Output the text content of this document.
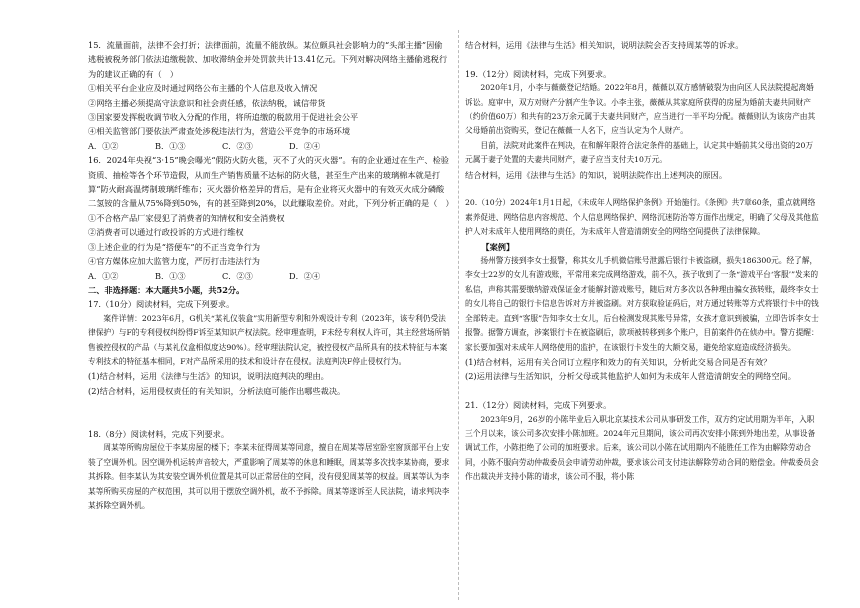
15．流量面前，法律不会打折；法律面前，流量不能放纵。某位颇具社会影响力的“头部主播”因偷逃税被税务部门依法追缴税款、加收滞纳金并处罚款共计13.41亿元。下列对解决网络主播偷逃税行为的建议正确的有（　）

①相关平台企业应及时通过网络公布主播的个人信息及收入情况

②网络主播必须提高守法意识和社会责任感，依法纳税，诚信带货

③国家要发挥税收调节收入分配的作用，将所追缴的税款用于促进社会公平

④相关监管部门要依法严肃查处涉税违法行为，营造公平竞争的市场环境

A．①②	B．①③	C．②③	D．②④

16．2024年央视“3·15”晚会曝光“假防火防火毯，灭不了火的灭火器”。有的企业通过在生产、检验资质、抽检等各个环节造假，从而生产销售质量不达标的防火毯，甚至生产出来的玻璃棉本就是打算“防火耐高温烤制玻璃纤维布；灭火器价格差异的背后，是有企业将灭火器中的有效灭火成分磷酸二氢铵的含量从75%降到50%，有的甚至降到20%，以此赚取差价。对此，下列分析正确的是（　）

①不合格产品厂家侵犯了消费者的知情权和安全消费权

②消费者可以通过行政投诉的方式进行维权

③上述企业的行为是“搭便车”的不正当竞争行为

④官方媒体应加大监管力度，严厉打击违法行为

A．①②	B．①③	C．②③	D．②④

二、非选择题：本大题共5小题，共52分。

17.（10分）阅读材料，完成下列要求。

案件详情：2023年6月，G机关“某礼仪装盒”实用新型专利和外观设计专利（2023年，该专利仍受法律保护）与F的专利侵权纠纷得F诉至某知识产权法院。经审理查明，F未经专利权人许可，其主经营场所销售被控侵权的产品（与某礼仪盒相似度达90%）。经审理法院认定，被控侵权产品所具有的技术特征与本案专利技术的特征基本相同，F对产品所采用的技术和设计存在侵权。法庭判决F停止侵权行为。

(1)结合材料，运用《法律与生活》的知识，说明法庭判决的理由。

(2)结合材料，运用侵权责任的有关知识，分析法庭可能作出哪些裁决。

18.（8分）阅读材料，完成下列要求。

周某等所购房屋位于李某房屋的楼下；李某未征得周某等同意，擅自在周某等居室卧室窗顶部平台上安装了空调外机。因空调外机运转声音较大，严重影响了周某等的休息和睡眠，周某等多次找李某协商，要求其拆除。但李某认为其安装空调外机位置是其可以正常居住的空间，没有侵犯周某等的权益。周某等认为李某等所购买房屋的产权范围，其可以用于摆放空调外机，故不予拆除。周某等遂诉至人民法院，请求判决李某拆除空调外机。

结合材料，运用《法律与生活》相关知识，说明法院会否支持周某等的诉求。

19.（12分）阅读材料，完成下列要求。

2020年1月，小李与薇薇登记结婚。2022年8月，薇薇以双方感情破裂为由向区人民法院提起离婚诉讼。庭审中，双方对财产分割产生争议。小李主张，薇薇从其家庭所获得的房屋为婚前夫妻共同财产（约价值60万）和共有的23万余元属于夫妻共同财产，应当进行一半平均分配。薇薇则认为该房产由其父母婚前出资购买，登记在薇薇一人名下，应当认定为个人财产。

目前，法院对此案件在判决，在和解年限符合法定条件的基础上，认定其中婚前其父母出资的20万元属于妻子处置的夫妻共同财产，妻子应当支付夫10万元。

结合材料，运用《法律与生活》的知识，说明法院作出上述判决的原因。

20.（10分）2024年1月1日起，《未成年人网络保护条例》开始施行。《条例》共7章60条，重点就网络素养促进、网络信息内容规范、个人信息网络保护、网络沉迷防治等方面作出规定，明确了父母及其他监护人对未成年人使用网络的责任，为未成年人营造清朗安全的网络空间提供了法律保障。

【案例】

扬州警方接到李女士报警，称其女儿手机微信账号泄露后银行卡被盗刷，损失186300元。经了解，李女士22岁的女儿有游戏账，平常用来完成网络游戏，前不久，孩子收到了一条“游戏平台‘客服’”发来的私信，声称其需要缴纳游戏保证金才能解封游戏账号，随后对方多次以各种理由骗女孩转账，最终李女士的女儿将自己的银行卡信息告诉对方并被盗刷。对方获取验证码后，对方通过转账等方式将银行卡中的钱全部转走。直到“客服”告知李女士女儿，后台检测发现其账号异常，女孩才意识到被骗，立即告诉李女士报警。据警方调查，涉案银行卡在被盗刷后，款项被转移到多个账户，目前案件仍在侦办中。警方提醒：家长要加强对未成年人网络使用的监护，在该银行卡发生的大额交易，避免给家庭造成经济损失。

(1)结合材料，运用有关合同订立程序和效力的有关知识，分析此交易合同是否有效？

(2)运用法律与生活知识，分析父母或其他监护人如何为未成年人营造清朗安全的网络空间。

21.（12分）阅读材料，完成下列要求。

2023年9月，26岁的小陈毕业后入职北京某技术公司从事研发工作，双方约定试用期为半年，入职三个月以来，该公司多次安排小陈加班。2024年元旦期间，该公司再次安排小陈到外地出差，从事设备调试工作，小陈拒绝了公司的加班要求。后来，该公司以小陈在试用期内不能胜任工作为由解除劳动合同，小陈不服向劳动仲裁委员会申请劳动仲裁，要求该公司支付违法解除劳动合同的赔偿金。仲裁委员会作出裁决并支持小陈的请求，该公司不服，将小陈
